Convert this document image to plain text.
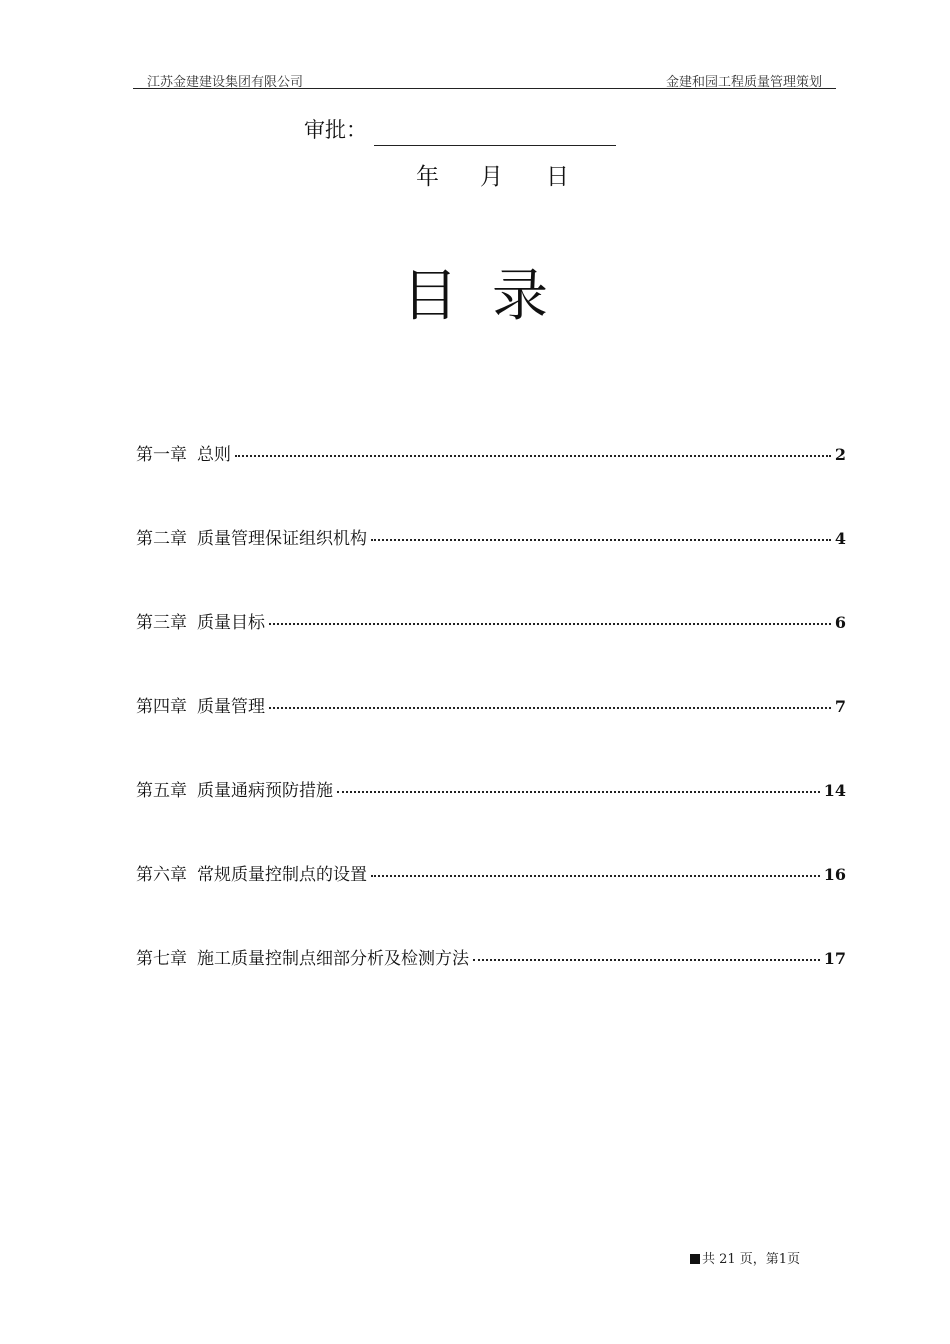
江苏金建建设集团有限公司	金建和园工程质量管理策划
审批：
年 月 日
目录
第一章 总则	2
第二章 质量管理保证组织机构	4
第三章 质量目标	6
第四章 质量管理	7
第五章 质量通病预防措施	14
第六章 常规质量控制点的设置	16
第七章 施工质量控制点细部分析及检测方法	17
共 21 页，第1页
